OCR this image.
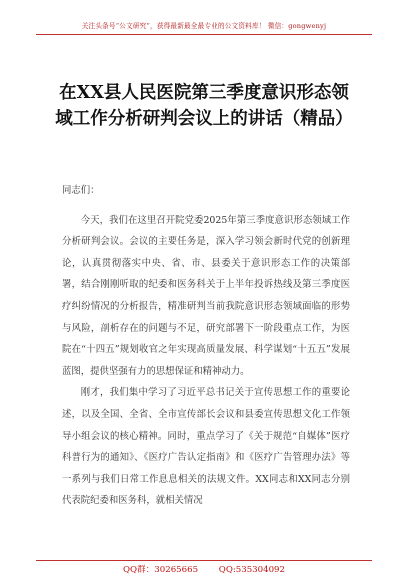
关注头条号“公文研究”，获得最新最全最专业的公文资料库！ 微信：gongwenyj
在XX县人民医院第三季度意识形态领域工作分析研判会议上的讲话（精品）

同志们：

今天，我们在这里召开院党委2025年第三季度意识形态领域工作分析研判会议。会议的主要任务是，深入学习领会新时代党的创新理论，认真贯彻落实中央、省、市、县委关于意识形态工作的决策部署，结合刚刚听取的纪委和医务科关于上半年投诉热线及第三季度医疗纠纷情况的分析报告，精准研判当前我院意识形态领域面临的形势与风险，剖析存在的问题与不足，研究部署下一阶段重点工作，为医院在“十四五”规划收官之年实现高质量发展、科学谋划“十五五”发展蓝图，提供坚强有力的思想保证和精神动力。

刚才，我们集中学习了习近平总书记关于宣传思想工作的重要论述，以及全国、全省、全市宣传部长会议和县委宣传思想文化工作领导小组会议的核心精神。同时，重点学习了《关于规范“自媒体”医疗科普行为的通知》、《医疗广告认定指南》和《医疗广告管理办法》等一系列与我们日常工作息息相关的法规文件。XX同志和XX同志分别代表院纪委和医务科，就相关情况

QQ群：30265665 QQ:535304092
